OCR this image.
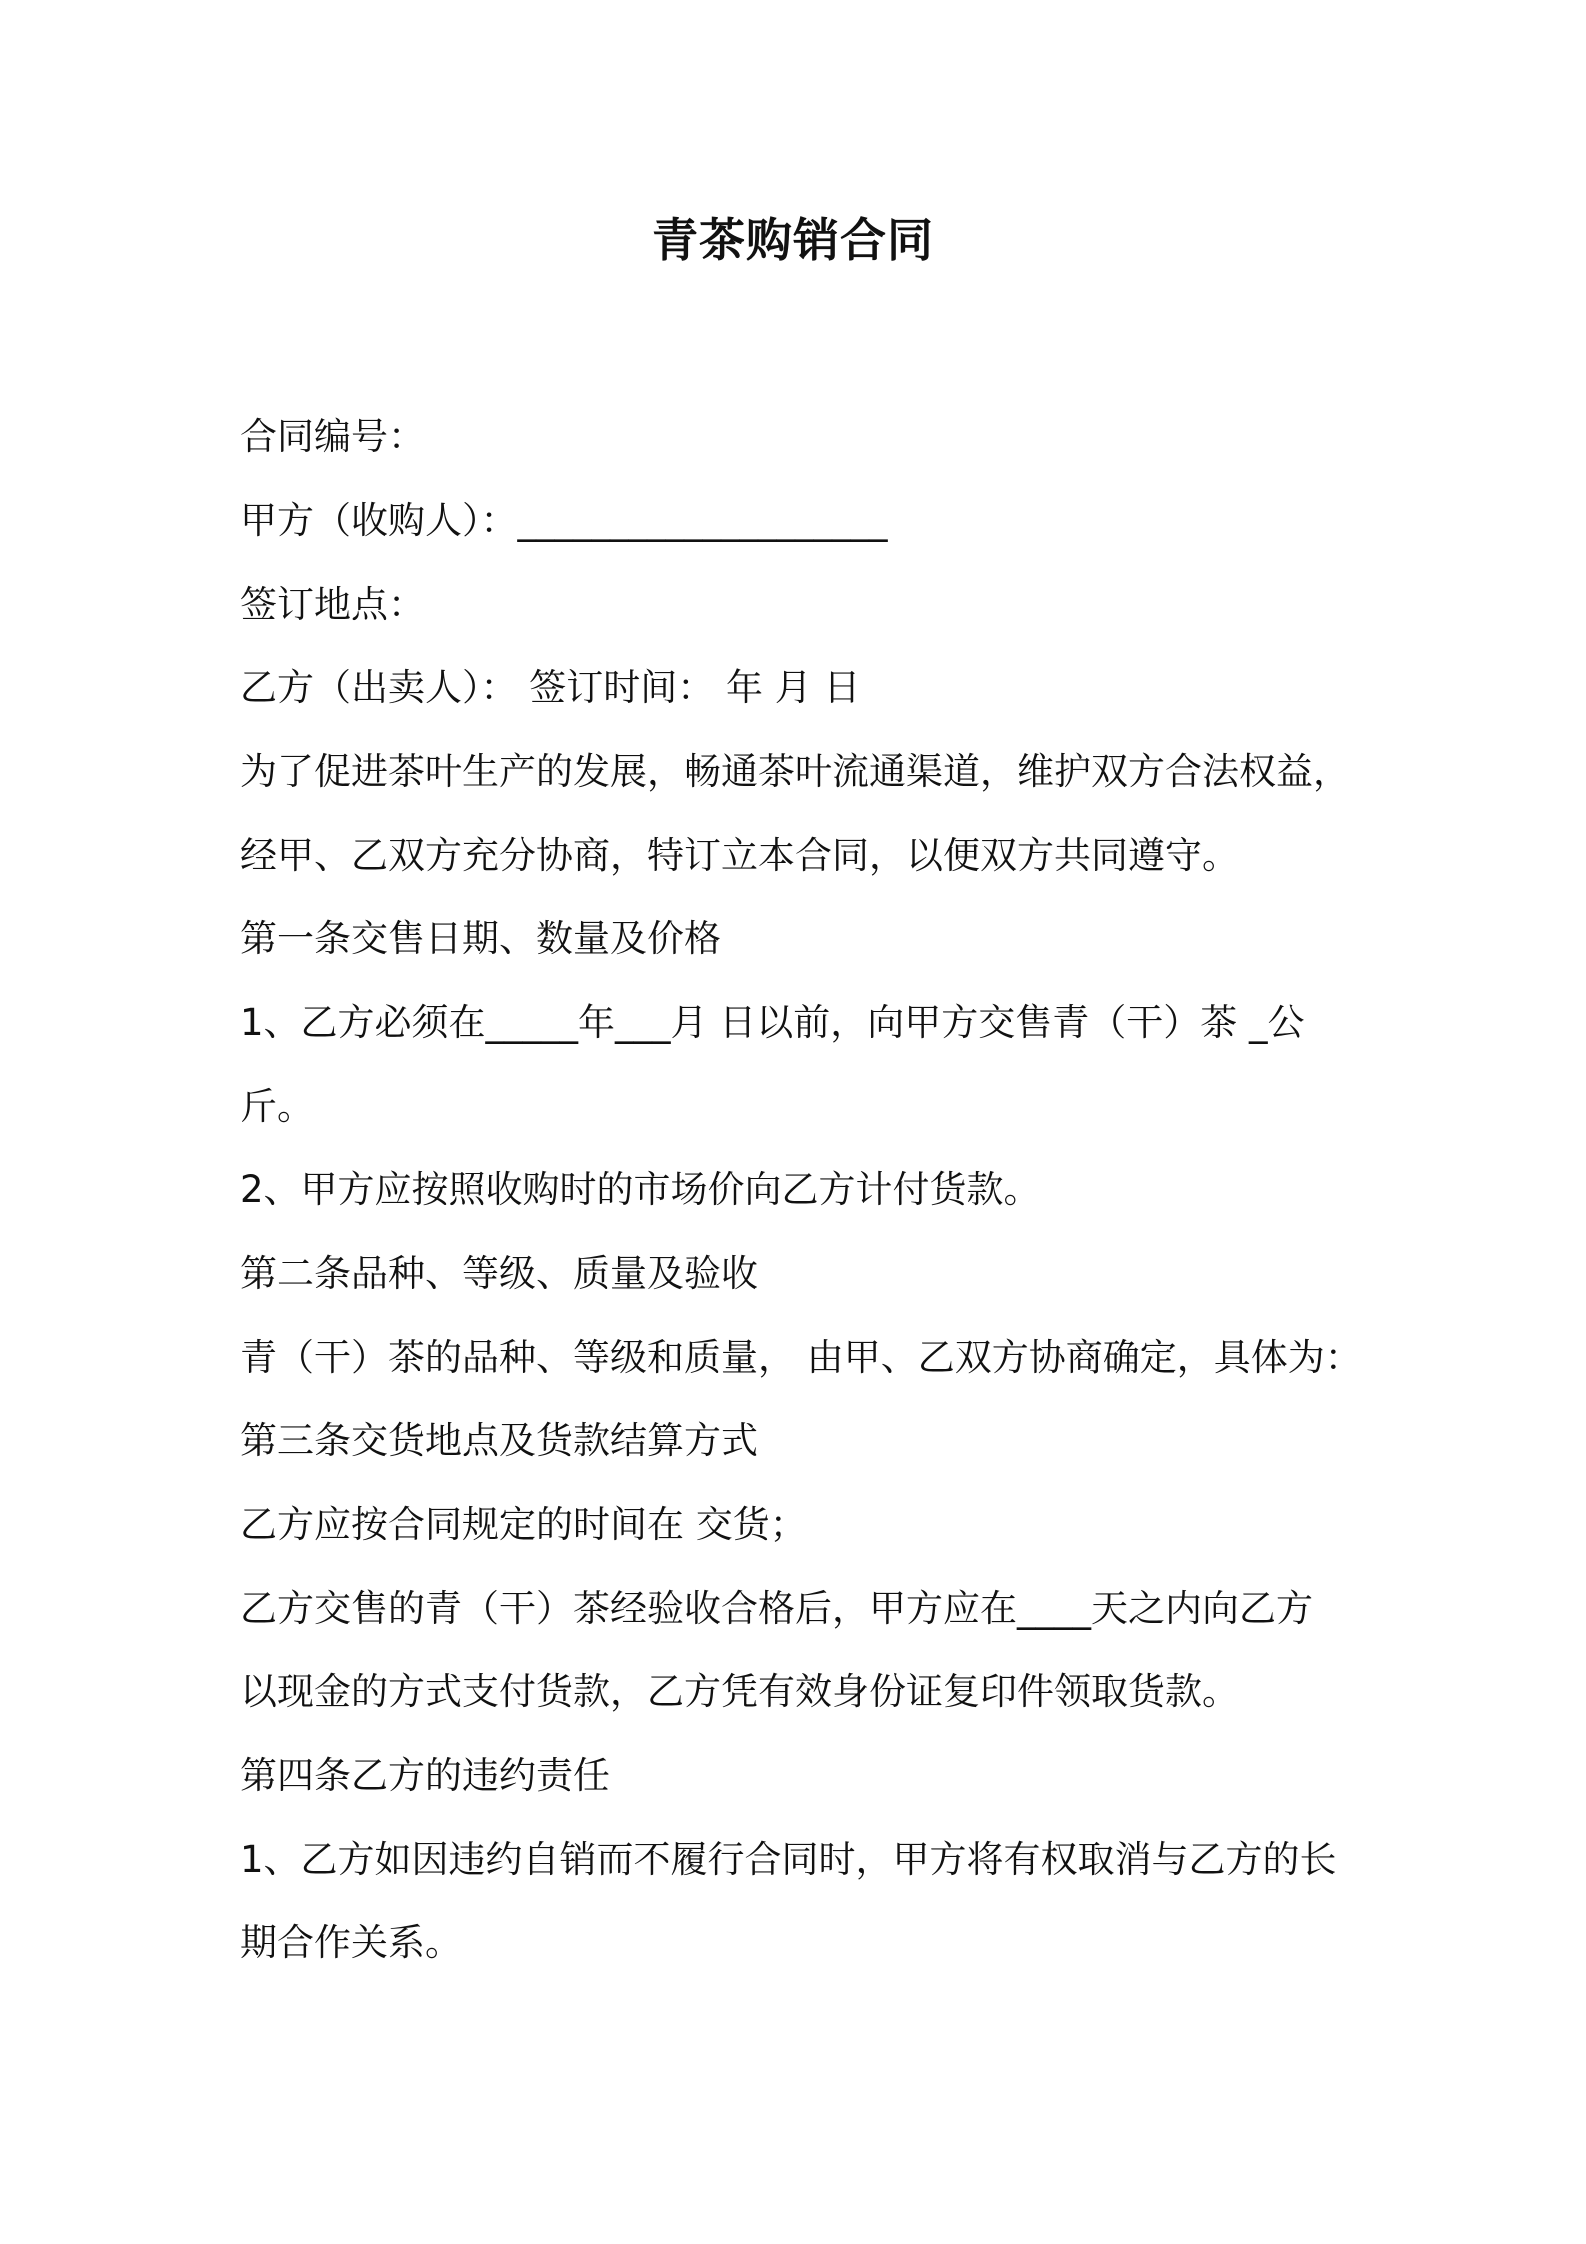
青茶购销合同
合同编号：
甲方（收购人）：____________________
签订地点：
乙方（出卖人）： 签订时间： 年 月 日
为了促进茶叶生产的发展，畅通茶叶流通渠道，维护双方合法权益，
经甲、乙双方充分协商，特订立本合同，以便双方共同遵守。
第一条交售日期、数量及价格
1、乙方必须在_____年___月 日以前，向甲方交售青（干）茶 _公
斤。
2、甲方应按照收购时的市场价向乙方计付货款。
第二条品种、等级、质量及验收
青（干）茶的品种、等级和质量， 由甲、乙双方协商确定，具体为：
第三条交货地点及货款结算方式
乙方应按合同规定的时间在 交货；
乙方交售的青（干）茶经验收合格后，甲方应在____天之内向乙方
以现金的方式支付货款，乙方凭有效身份证复印件领取货款。
第四条乙方的违约责任
1、乙方如因违约自销而不履行合同时，甲方将有权取消与乙方的长
期合作关系。
